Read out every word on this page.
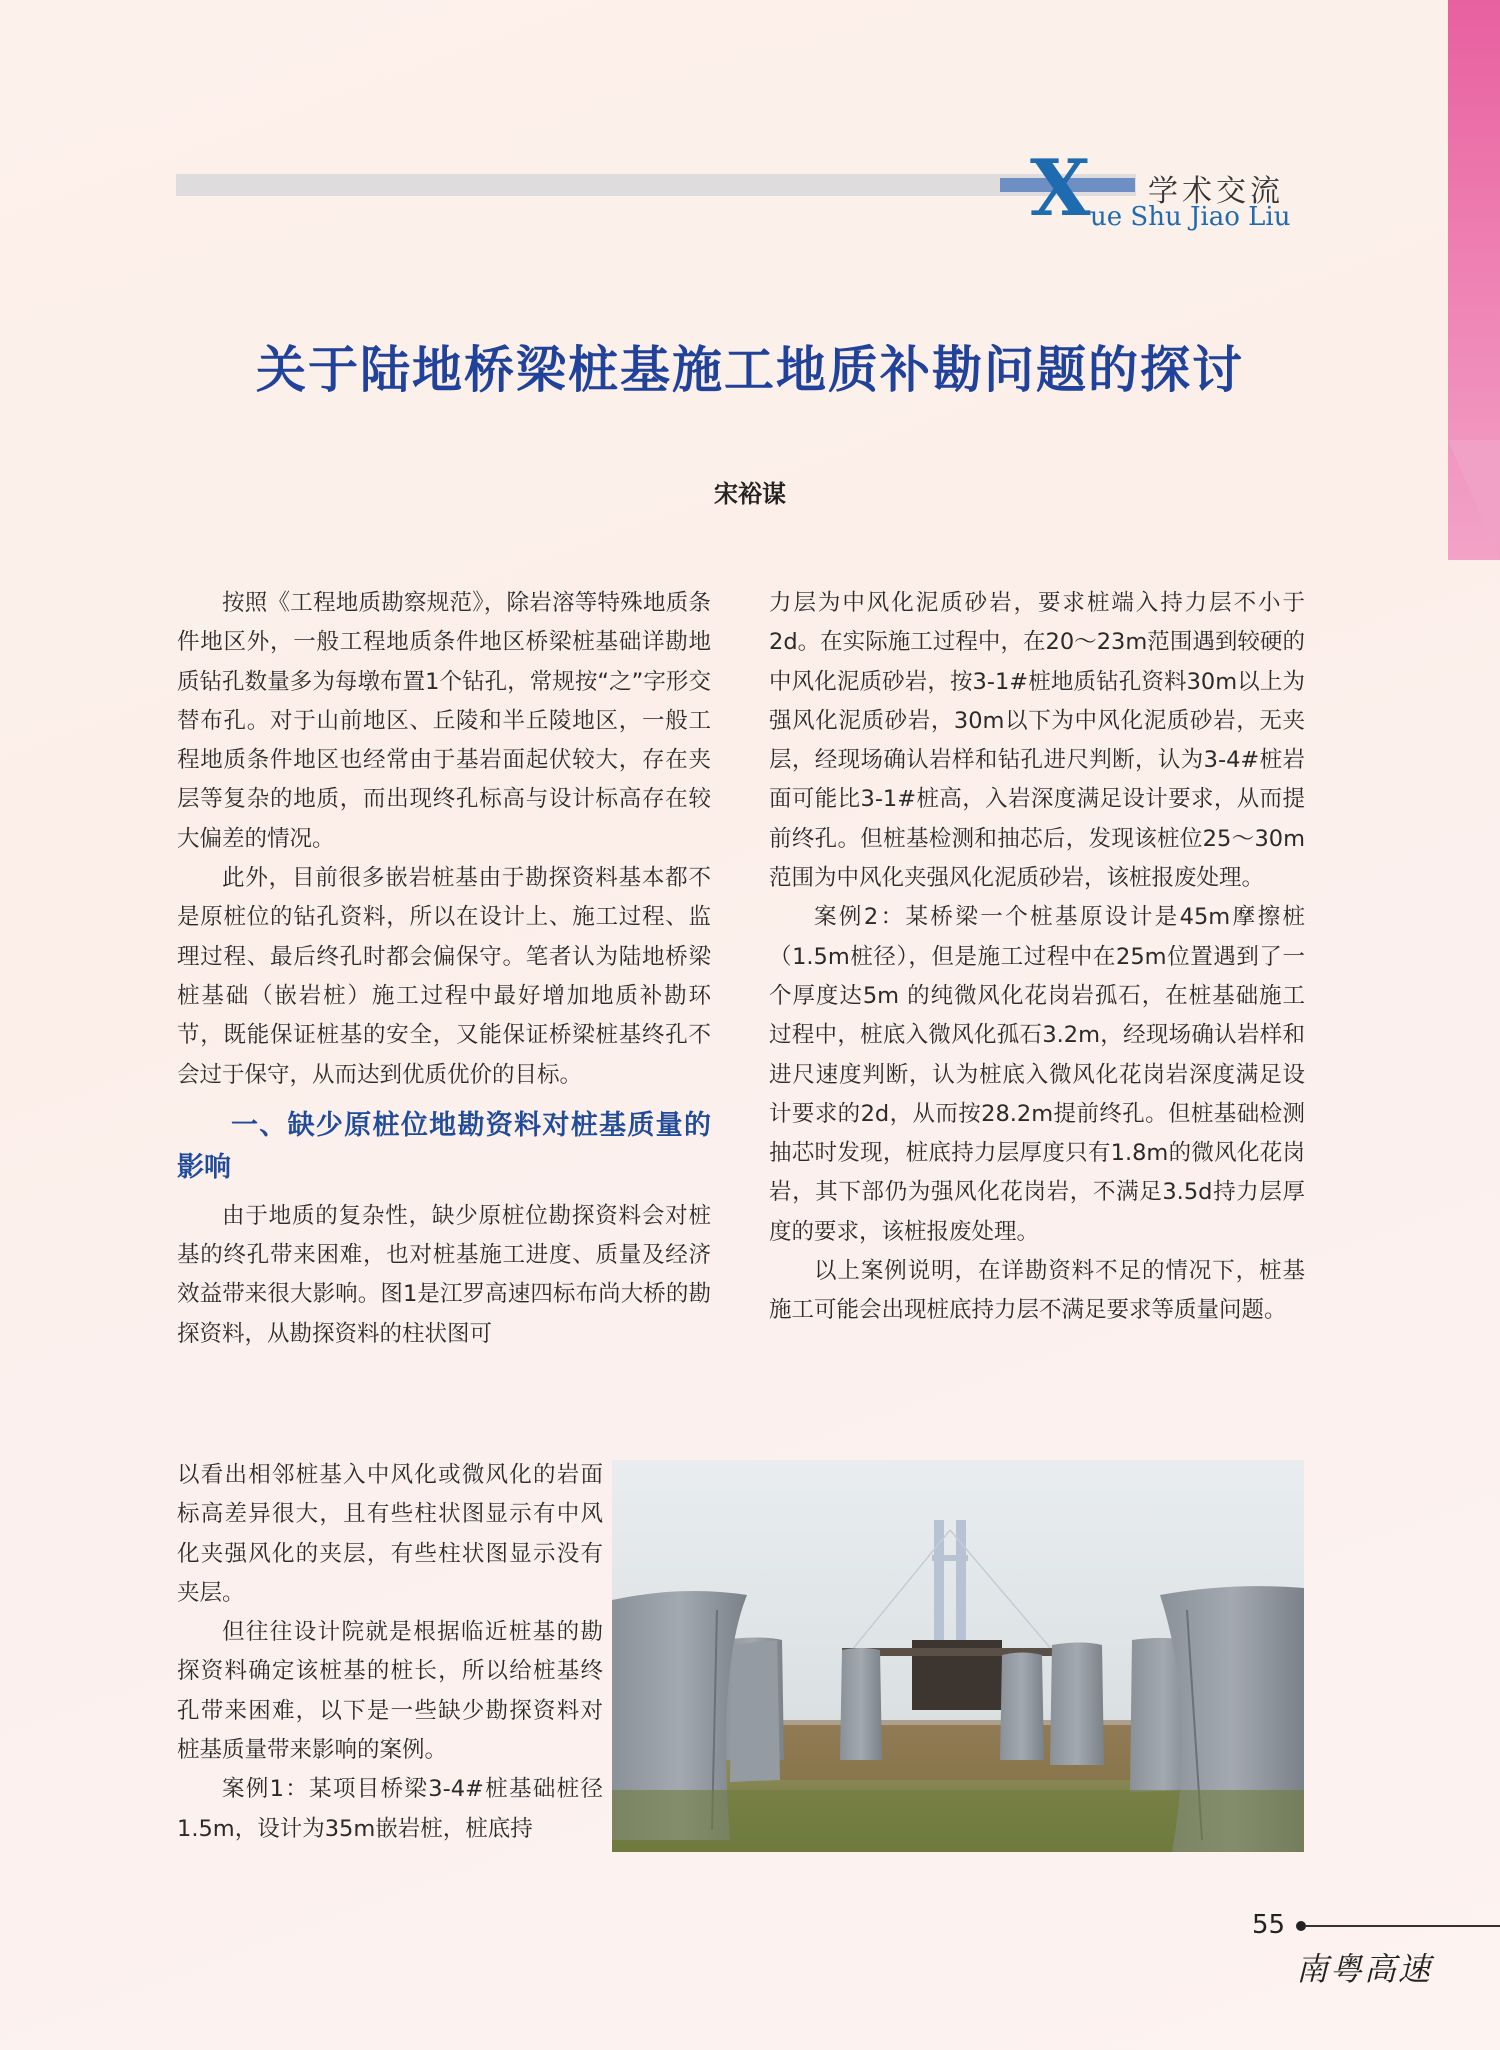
X 学术交流
ue Shu Jiao Liu
关于陆地桥梁桩基施工地质补勘问题的探讨
宋裕谋

按照《工程地质勘察规范》，除岩溶等特殊地质条件地区外，一般工程地质条件地区桥梁桩基础详勘地质钻孔数量多为每墩布置1个钻孔，常规按“之”字形交替布孔。对于山前地区、丘陵和半丘陵地区，一般工程地质条件地区也经常由于基岩面起伏较大，存在夹层等复杂的地质，而出现终孔标高与设计标高存在较大偏差的情况。

此外，目前很多嵌岩桩基由于勘探资料基本都不是原桩位的钻孔资料，所以在设计上、施工过程、监理过程、最后终孔时都会偏保守。笔者认为陆地桥梁桩基础（嵌岩桩）施工过程中最好增加地质补勘环节，既能保证桩基的安全，又能保证桥梁桩基终孔不会过于保守，从而达到优质优价的目标。

一、缺少原桩位地勘资料对桩基质量的影响

由于地质的复杂性，缺少原桩位勘探资料会对桩基的终孔带来困难，也对桩基施工进度、质量及经济效益带来很大影响。图1是江罗高速四标布尚大桥的勘探资料，从勘探资料的柱状图可

以看出相邻桩基入中风化或微风化的岩面标高差异很大，且有些柱状图显示有中风化夹强风化的夹层，有些柱状图显示没有夹层。

但往往设计院就是根据临近桩基的勘探资料确定该桩基的桩长，所以给桩基终孔带来困难，以下是一些缺少勘探资料对桩基质量带来影响的案例。

案例1：某项目桥梁3-4#桩基础桩径1.5m，设计为35m嵌岩桩，桩底持

力层为中风化泥质砂岩，要求桩端入持力层不小于2d。在实际施工过程中，在20～23m范围遇到较硬的中风化泥质砂岩，按3-1#桩地质钻孔资料30m以上为强风化泥质砂岩，30m以下为中风化泥质砂岩，无夹层，经现场确认岩样和钻孔进尺判断，认为3-4#桩岩面可能比3-1#桩高，入岩深度满足设计要求，从而提前终孔。但桩基检测和抽芯后，发现该桩位25～30m范围为中风化夹强风化泥质砂岩，该桩报废处理。

案例2：某桥梁一个桩基原设计是45m摩擦桩（1.5m桩径），但是施工过程中在25m位置遇到了一个厚度达5m 的纯微风化花岗岩孤石，在桩基础施工过程中，桩底入微风化孤石3.2m，经现场确认岩样和进尺速度判断，认为桩底入微风化花岗岩深度满足设计要求的2d，从而按28.2m提前终孔。但桩基础检测抽芯时发现，桩底持力层厚度只有1.8m的微风化花岗岩，其下部仍为强风化花岗岩，不满足3.5d持力层厚度的要求，该桩报废处理。

以上案例说明，在详勘资料不足的情况下，桩基施工可能会出现桩底持力层不满足要求等质量问题。

55
南粤高速
